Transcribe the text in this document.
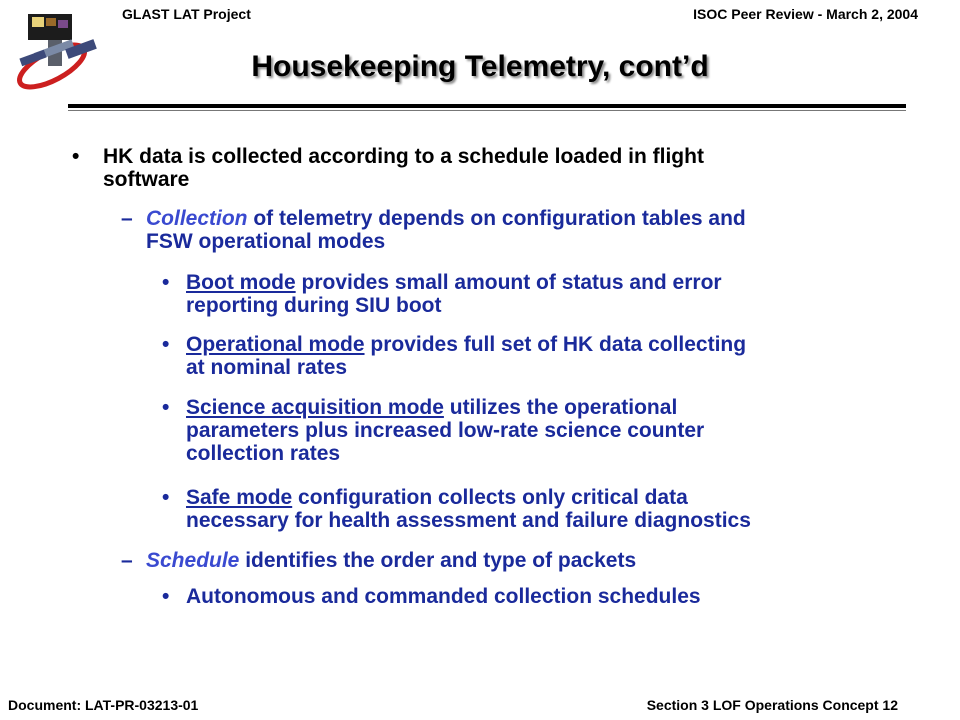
GLAST LAT Project	ISOC Peer Review - March 2, 2004
Housekeeping Telemetry, cont’d
• HK data is collected according to a schedule loaded in flight
software
– Collection of telemetry depends on configuration tables and
FSW operational modes
• Boot mode provides small amount of status and error
reporting during SIU boot
• Operational mode provides full set of HK data collecting
at nominal rates
• Science acquisition mode utilizes the operational
parameters plus increased low-rate science counter
collection rates
• Safe mode configuration collects only critical data
necessary for health assessment and failure diagnostics
– Schedule identifies the order and type of packets
• Autonomous and commanded collection schedules
Document: LAT-PR-03213-01	Section 3 LOF Operations Concept 12
